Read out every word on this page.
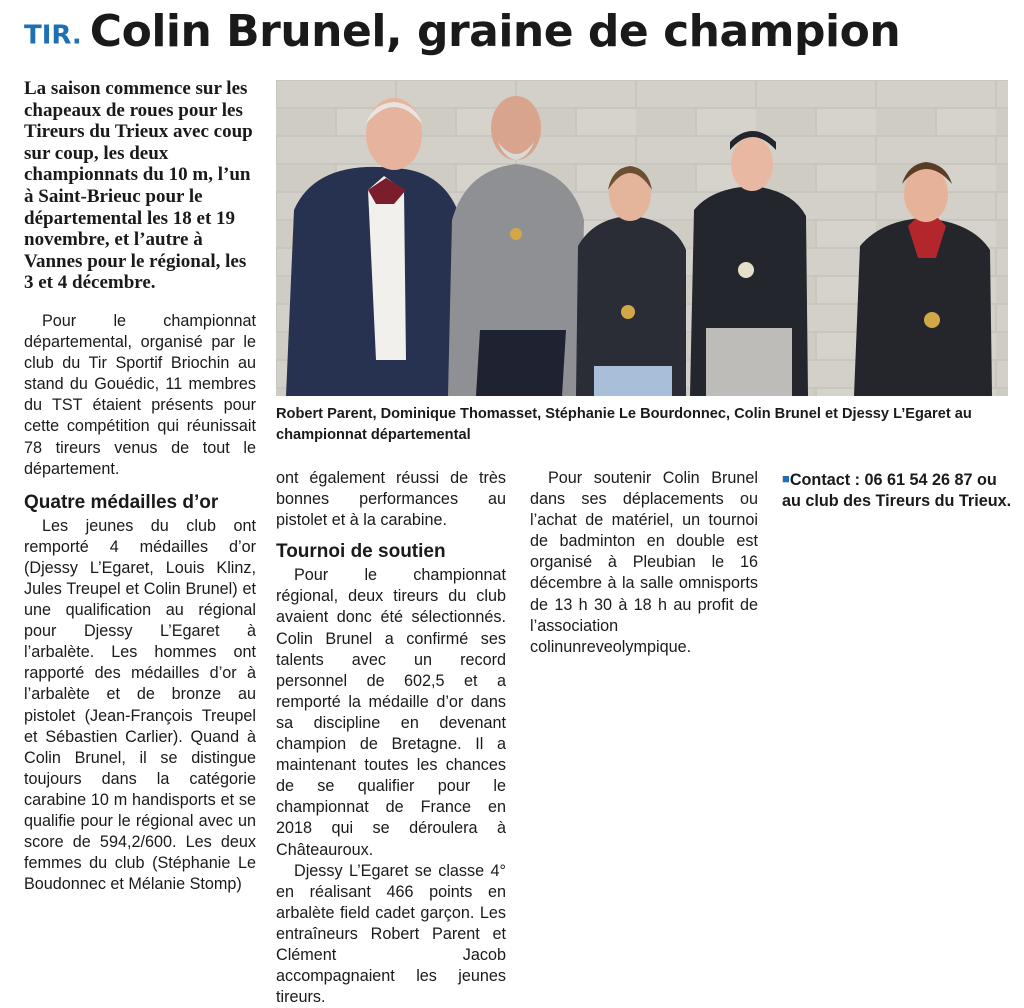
TIR. Colin Brunel, graine de champion

La saison commence sur les chapeaux de roues pour les Tireurs du Trieux avec coup sur coup, les deux championnats du 10 m, l’un à Saint-Brieuc pour le départemental les 18 et 19 novembre, et l’autre à Vannes pour le régional, les 3 et 4 décembre.

Pour le championnat départemental, organisé par le club du Tir Sportif Briochin au stand du Gouédic, 11 membres du TST étaient présents pour cette compétition qui réunissait 78 tireurs venus de tout le département.

Quatre médailles d’or

Les jeunes du club ont remporté 4 médailles d’or (Djessy L’Egaret, Louis Klinz, Jules Treupel et Colin Brunel) et une qualification au régional pour Djessy L’Egaret à l’arbalète. Les hommes ont rapporté des médailles d’or à l’arbalète et de bronze au pistolet (Jean-François Treupel et Sébastien Carlier). Quand à Colin Brunel, il se distingue toujours dans la catégorie carabine 10 m handisports et se qualifie pour le régional avec un score de 594,2/600. Les deux femmes du club (Stéphanie Le Boudonnec et Mélanie Stomp)

Robert Parent, Dominique Thomasset, Stéphanie Le Bourdonnec, Colin Brunel et Djessy L’Egaret au championnat départemental

ont également réussi de très bonnes performances au pistolet et à la carabine.

Tournoi de soutien

Pour le championnat régional, deux tireurs du club avaient donc été sélectionnés. Colin Brunel a confirmé ses talents avec un record personnel de 602,5 et a remporté la médaille d’or dans sa discipline en devenant champion de Bretagne. Il a maintenant toutes les chances de se qualifier pour le championnat de France en 2018 qui se déroulera à Châteauroux.

Djessy L’Egaret se classe 4° en réalisant 466 points en arbalète field cadet garçon. Les entraîneurs Robert Parent et Clément Jacob accompagnaient les jeunes tireurs.

Pour soutenir Colin Brunel dans ses déplacements ou l’achat de matériel, un tournoi de badminton en double est organisé à Pleubian le 16 décembre à la salle omnisports de 13 h 30 à 18 h au profit de l’association colinunreveolympique.

■Contact : 06 61 54 26 87 ou au club des Tireurs du Trieux.
